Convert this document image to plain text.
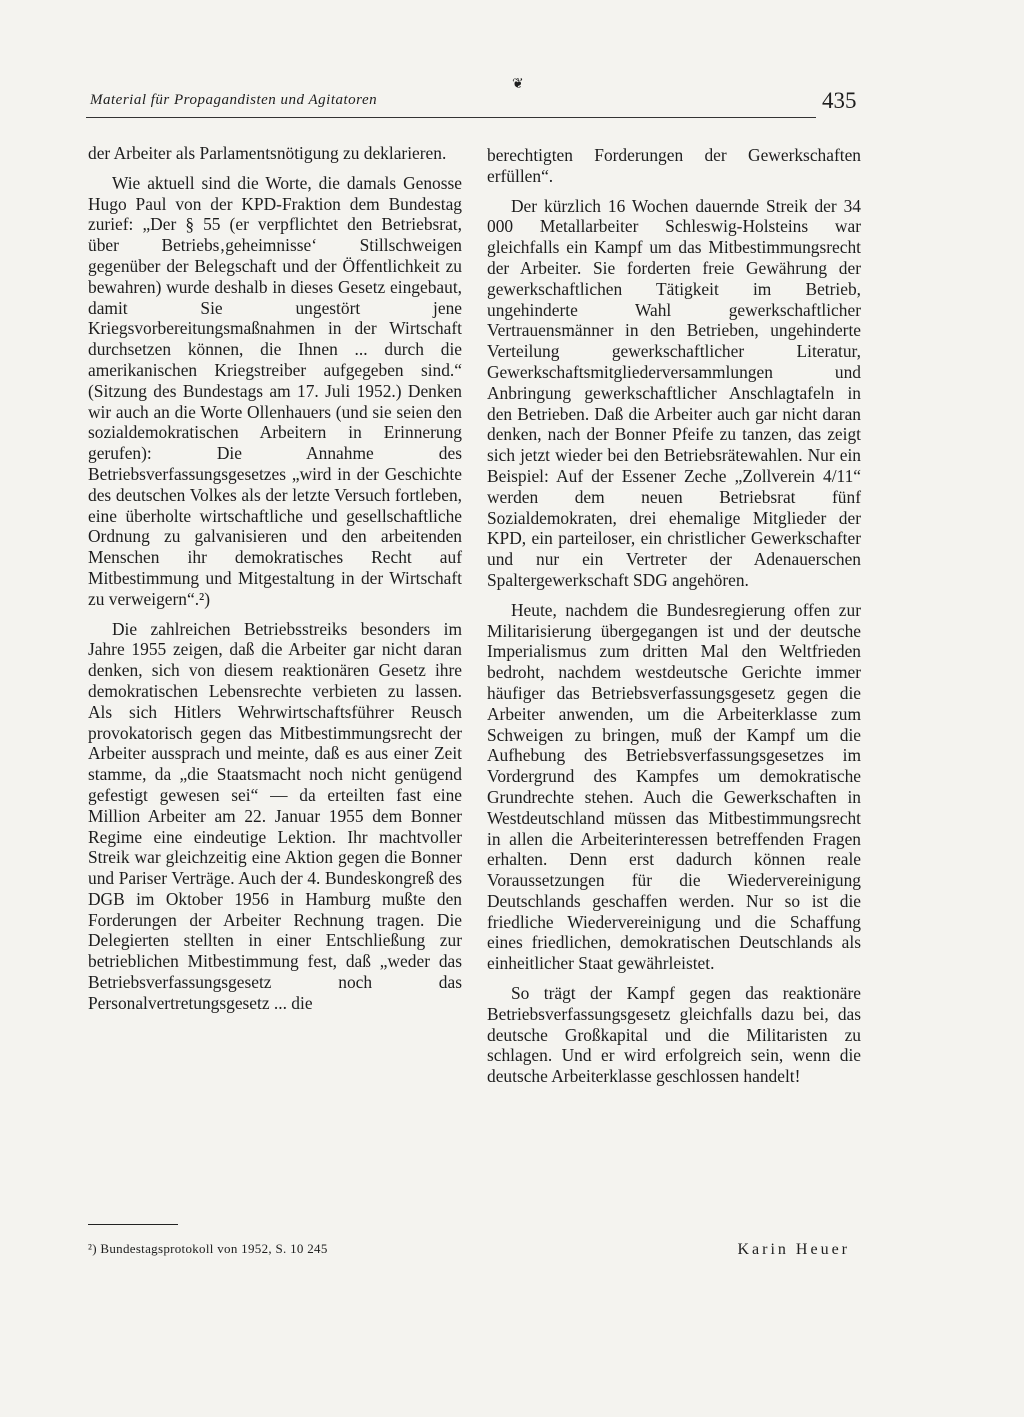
❦
Material für Propagandisten und Agitatoren	435

der Arbeiter als Parlamentsnötigung zu deklarieren.

Wie aktuell sind die Worte, die damals Genosse Hugo Paul von der KPD-Fraktion dem Bundestag zurief: „Der § 55 (er verpflichtet den Betriebsrat, über Betriebs‚geheimnisse‘ Stillschweigen gegenüber der Belegschaft und der Öffentlichkeit zu bewahren) wurde deshalb in dieses Gesetz eingebaut, damit Sie ungestört jene Kriegsvorbereitungsmaßnahmen in der Wirtschaft durchsetzen können, die Ihnen ... durch die amerikanischen Kriegstreiber aufgegeben sind.“ (Sitzung des Bundestags am 17. Juli 1952.) Denken wir auch an die Worte Ollenhauers (und sie seien den sozialdemokratischen Arbeitern in Erinnerung gerufen): Die Annahme des Betriebsverfassungsgesetzes „wird in der Geschichte des deutschen Volkes als der letzte Versuch fortleben, eine überholte wirtschaftliche und gesellschaftliche Ordnung zu galvanisieren und den arbeitenden Menschen ihr demokratisches Recht auf Mitbestimmung und Mitgestaltung in der Wirtschaft zu verweigern“.²)

Die zahlreichen Betriebsstreiks besonders im Jahre 1955 zeigen, daß die Arbeiter gar nicht daran denken, sich von diesem reaktionären Gesetz ihre demokratischen Lebensrechte verbieten zu lassen. Als sich Hitlers Wehrwirtschaftsführer Reusch provokatorisch gegen das Mitbestimmungsrecht der Arbeiter aussprach und meinte, daß es aus einer Zeit stamme, da „die Staatsmacht noch nicht genügend gefestigt gewesen sei“ — da erteilten fast eine Million Arbeiter am 22. Januar 1955 dem Bonner Regime eine eindeutige Lektion. Ihr machtvoller Streik war gleichzeitig eine Aktion gegen die Bonner und Pariser Verträge. Auch der 4. Bundeskongreß des DGB im Oktober 1956 in Hamburg mußte den Forderungen der Arbeiter Rechnung tragen. Die Delegierten stellten in einer Entschließung zur betrieblichen Mitbestimmung fest, daß „weder das Betriebsverfassungsgesetz noch das Personalvertretungsgesetz ... die

berechtigten Forderungen der Gewerkschaften erfüllen“.

Der kürzlich 16 Wochen dauernde Streik der 34 000 Metallarbeiter Schleswig-Holsteins war gleichfalls ein Kampf um das Mitbestimmungsrecht der Arbeiter. Sie forderten freie Gewährung der gewerkschaftlichen Tätigkeit im Betrieb, ungehinderte Wahl gewerkschaftlicher Vertrauensmänner in den Betrieben, ungehinderte Verteilung gewerkschaftlicher Literatur, Gewerkschaftsmitgliederversammlungen und Anbringung gewerkschaftlicher Anschlagtafeln in den Betrieben. Daß die Arbeiter auch gar nicht daran denken, nach der Bonner Pfeife zu tanzen, das zeigt sich jetzt wieder bei den Betriebsrätewahlen. Nur ein Beispiel: Auf der Essener Zeche „Zollverein 4/11“ werden dem neuen Betriebsrat fünf Sozialdemokraten, drei ehemalige Mitglieder der KPD, ein parteiloser, ein christlicher Gewerkschafter und nur ein Vertreter der Adenauerschen Spaltergewerkschaft SDG angehören.

Heute, nachdem die Bundesregierung offen zur Militarisierung übergegangen ist und der deutsche Imperialismus zum dritten Mal den Weltfrieden bedroht, nachdem westdeutsche Gerichte immer häufiger das Betriebsverfassungsgesetz gegen die Arbeiter anwenden, um die Arbeiterklasse zum Schweigen zu bringen, muß der Kampf um die Aufhebung des Betriebsverfassungsgesetzes im Vordergrund des Kampfes um demokratische Grundrechte stehen. Auch die Gewerkschaften in Westdeutschland müssen das Mitbestimmungsrecht in allen die Arbeiterinteressen betreffenden Fragen erhalten. Denn erst dadurch können reale Voraussetzungen für die Wiedervereinigung Deutschlands geschaffen werden. Nur so ist die friedliche Wiedervereinigung und die Schaffung eines friedlichen, demokratischen Deutschlands als einheitlicher Staat gewährleistet.

So trägt der Kampf gegen das reaktionäre Betriebsverfassungsgesetz gleichfalls dazu bei, das deutsche Großkapital und die Militaristen zu schlagen. Und er wird erfolgreich sein, wenn die deutsche Arbeiterklasse geschlossen handelt!

²) Bundestagsprotokoll von 1952, S. 10 245	Karin Heuer
